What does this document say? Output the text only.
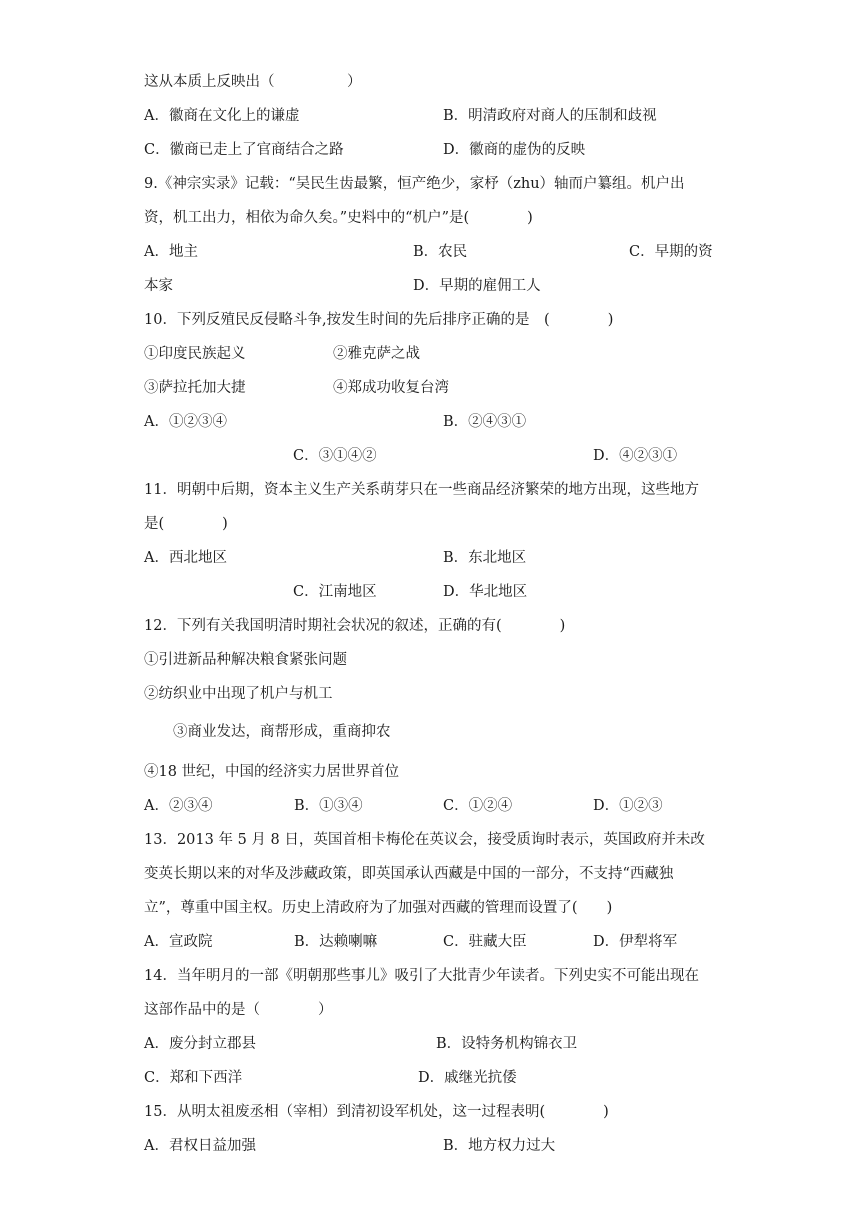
这从本质上反映出（　　　　　）
A．徽商在文化上的谦虚	B．明清政府对商人的压制和歧视
C．徽商已走上了官商结合之路	D．徽商的虚伪的反映
9.《神宗实录》记载：“吴民生齿最繁，恒产绝少，家杼（zhu）轴而户纂组。机户出
资，机工出力，相依为命久矣。”史料中的“机户”是(　　　　)
A．地主	B．农民	C．早期的资
本家	D．早期的雇佣工人
10．下列反殖民反侵略斗争,按发生时间的先后排序正确的是　(　　　　)
①印度民族起义	②雅克萨之战
③萨拉托加大捷	④郑成功收复台湾
A．①②③④	B．②④③①
C．③①④②	D．④②③①
11．明朝中后期，资本主义生产关系萌芽只在一些商品经济繁荣的地方出现，这些地方
是(　　　　)
A．西北地区	B．东北地区
C．江南地区	D．华北地区
12．下列有关我国明清时期社会状况的叙述，正确的有(　　　　)
①引进新品种解决粮食紧张问题
②纺织业中出现了机户与机工
③商业发达，商帮形成，重商抑农
④18 世纪，中国的经济实力居世界首位
A．②③④	B．①③④	C．①②④	D．①②③
13．2013 年 5 月 8 日，英国首相卡梅伦在英议会，接受质询时表示，英国政府并未改
变英长期以来的对华及涉藏政策，即英国承认西藏是中国的一部分，不支持“西藏独
立”，尊重中国主权。历史上清政府为了加强对西藏的管理而设置了(　　)
A．宣政院	B．达赖喇嘛	C．驻藏大臣	D．伊犁将军
14．当年明月的一部《明朝那些事儿》吸引了大批青少年读者。下列史实不可能出现在
这部作品中的是（　　　　）
A．废分封立郡县	B．设特务机构锦衣卫
C．郑和下西洋	D．戚继光抗倭
15．从明太祖废丞相（宰相）到清初设军机处，这一过程表明(　　　　)
A．君权日益加强	B．地方权力过大
